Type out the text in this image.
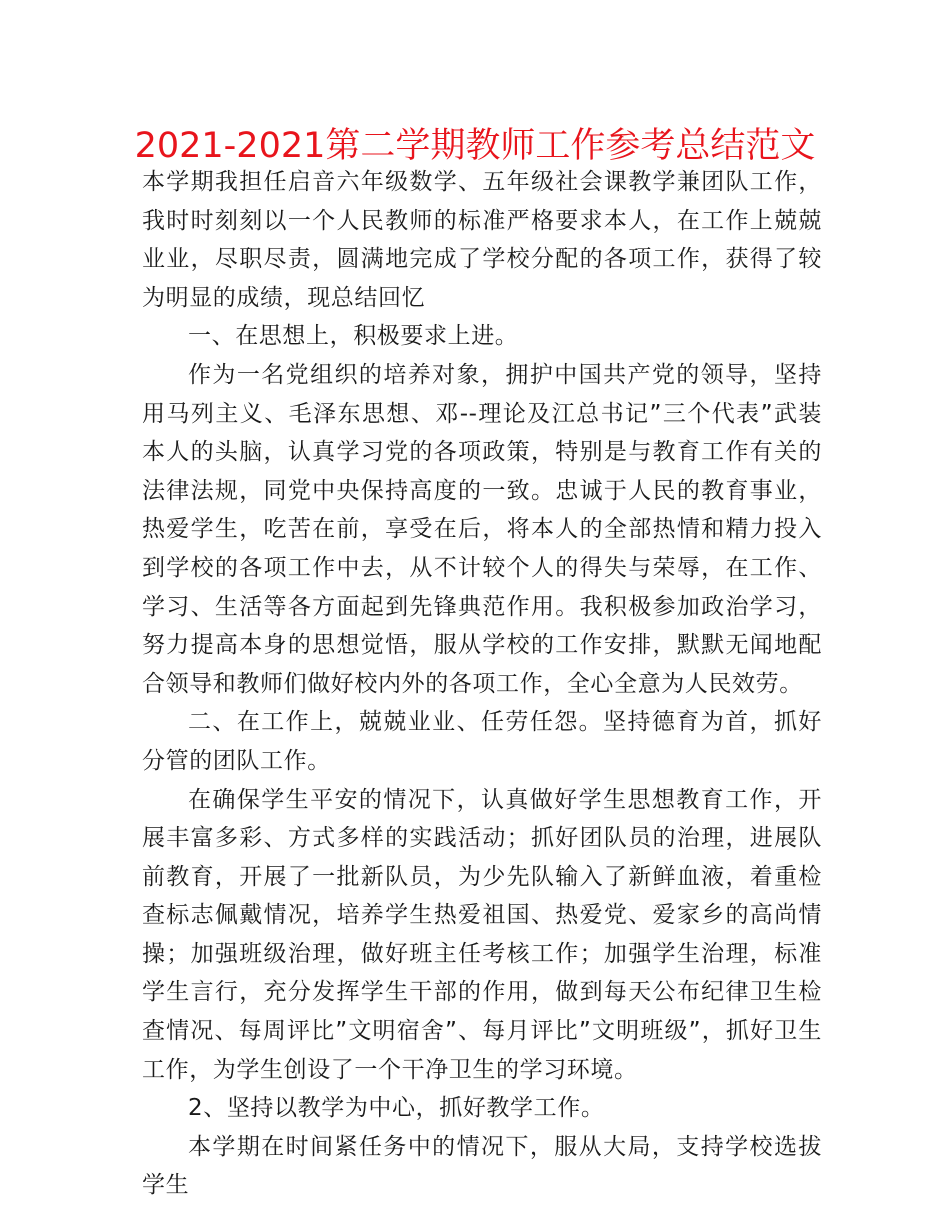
2021-2021第二学期教师工作参考总结范文

本学期我担任启音六年级数学、五年级社会课教学兼团队工作，我时时刻刻以一个人民教师的标准严格要求本人，在工作上兢兢业业，尽职尽责，圆满地完成了学校分配的各项工作，获得了较为明显的成绩，现总结回忆

一、在思想上，积极要求上进。

作为一名党组织的培养对象，拥护中国共产党的领导，坚持用马列主义、毛泽东思想、邓--理论及江总书记”三个代表”武装本人的头脑，认真学习党的各项政策，特别是与教育工作有关的法律法规，同党中央保持高度的一致。忠诚于人民的教育事业，热爱学生，吃苦在前，享受在后，将本人的全部热情和精力投入到学校的各项工作中去，从不计较个人的得失与荣辱，在工作、学习、生活等各方面起到先锋典范作用。我积极参加政治学习，努力提高本身的思想觉悟，服从学校的工作安排，默默无闻地配合领导和教师们做好校内外的各项工作，全心全意为人民效劳。

二、在工作上，兢兢业业、任劳任怨。坚持德育为首，抓好分管的团队工作。

在确保学生平安的情况下，认真做好学生思想教育工作，开展丰富多彩、方式多样的实践活动；抓好团队员的治理，进展队前教育，开展了一批新队员，为少先队输入了新鲜血液，着重检查标志佩戴情况，培养学生热爱祖国、热爱党、爱家乡的高尚情操；加强班级治理，做好班主任考核工作；加强学生治理，标准学生言行，充分发挥学生干部的作用，做到每天公布纪律卫生检查情况、每周评比”文明宿舍”、每月评比”文明班级”，抓好卫生工作，为学生创设了一个干净卫生的学习环境。

2、坚持以教学为中心，抓好教学工作。

本学期在时间紧任务中的情况下，服从大局，支持学校选拔学生
